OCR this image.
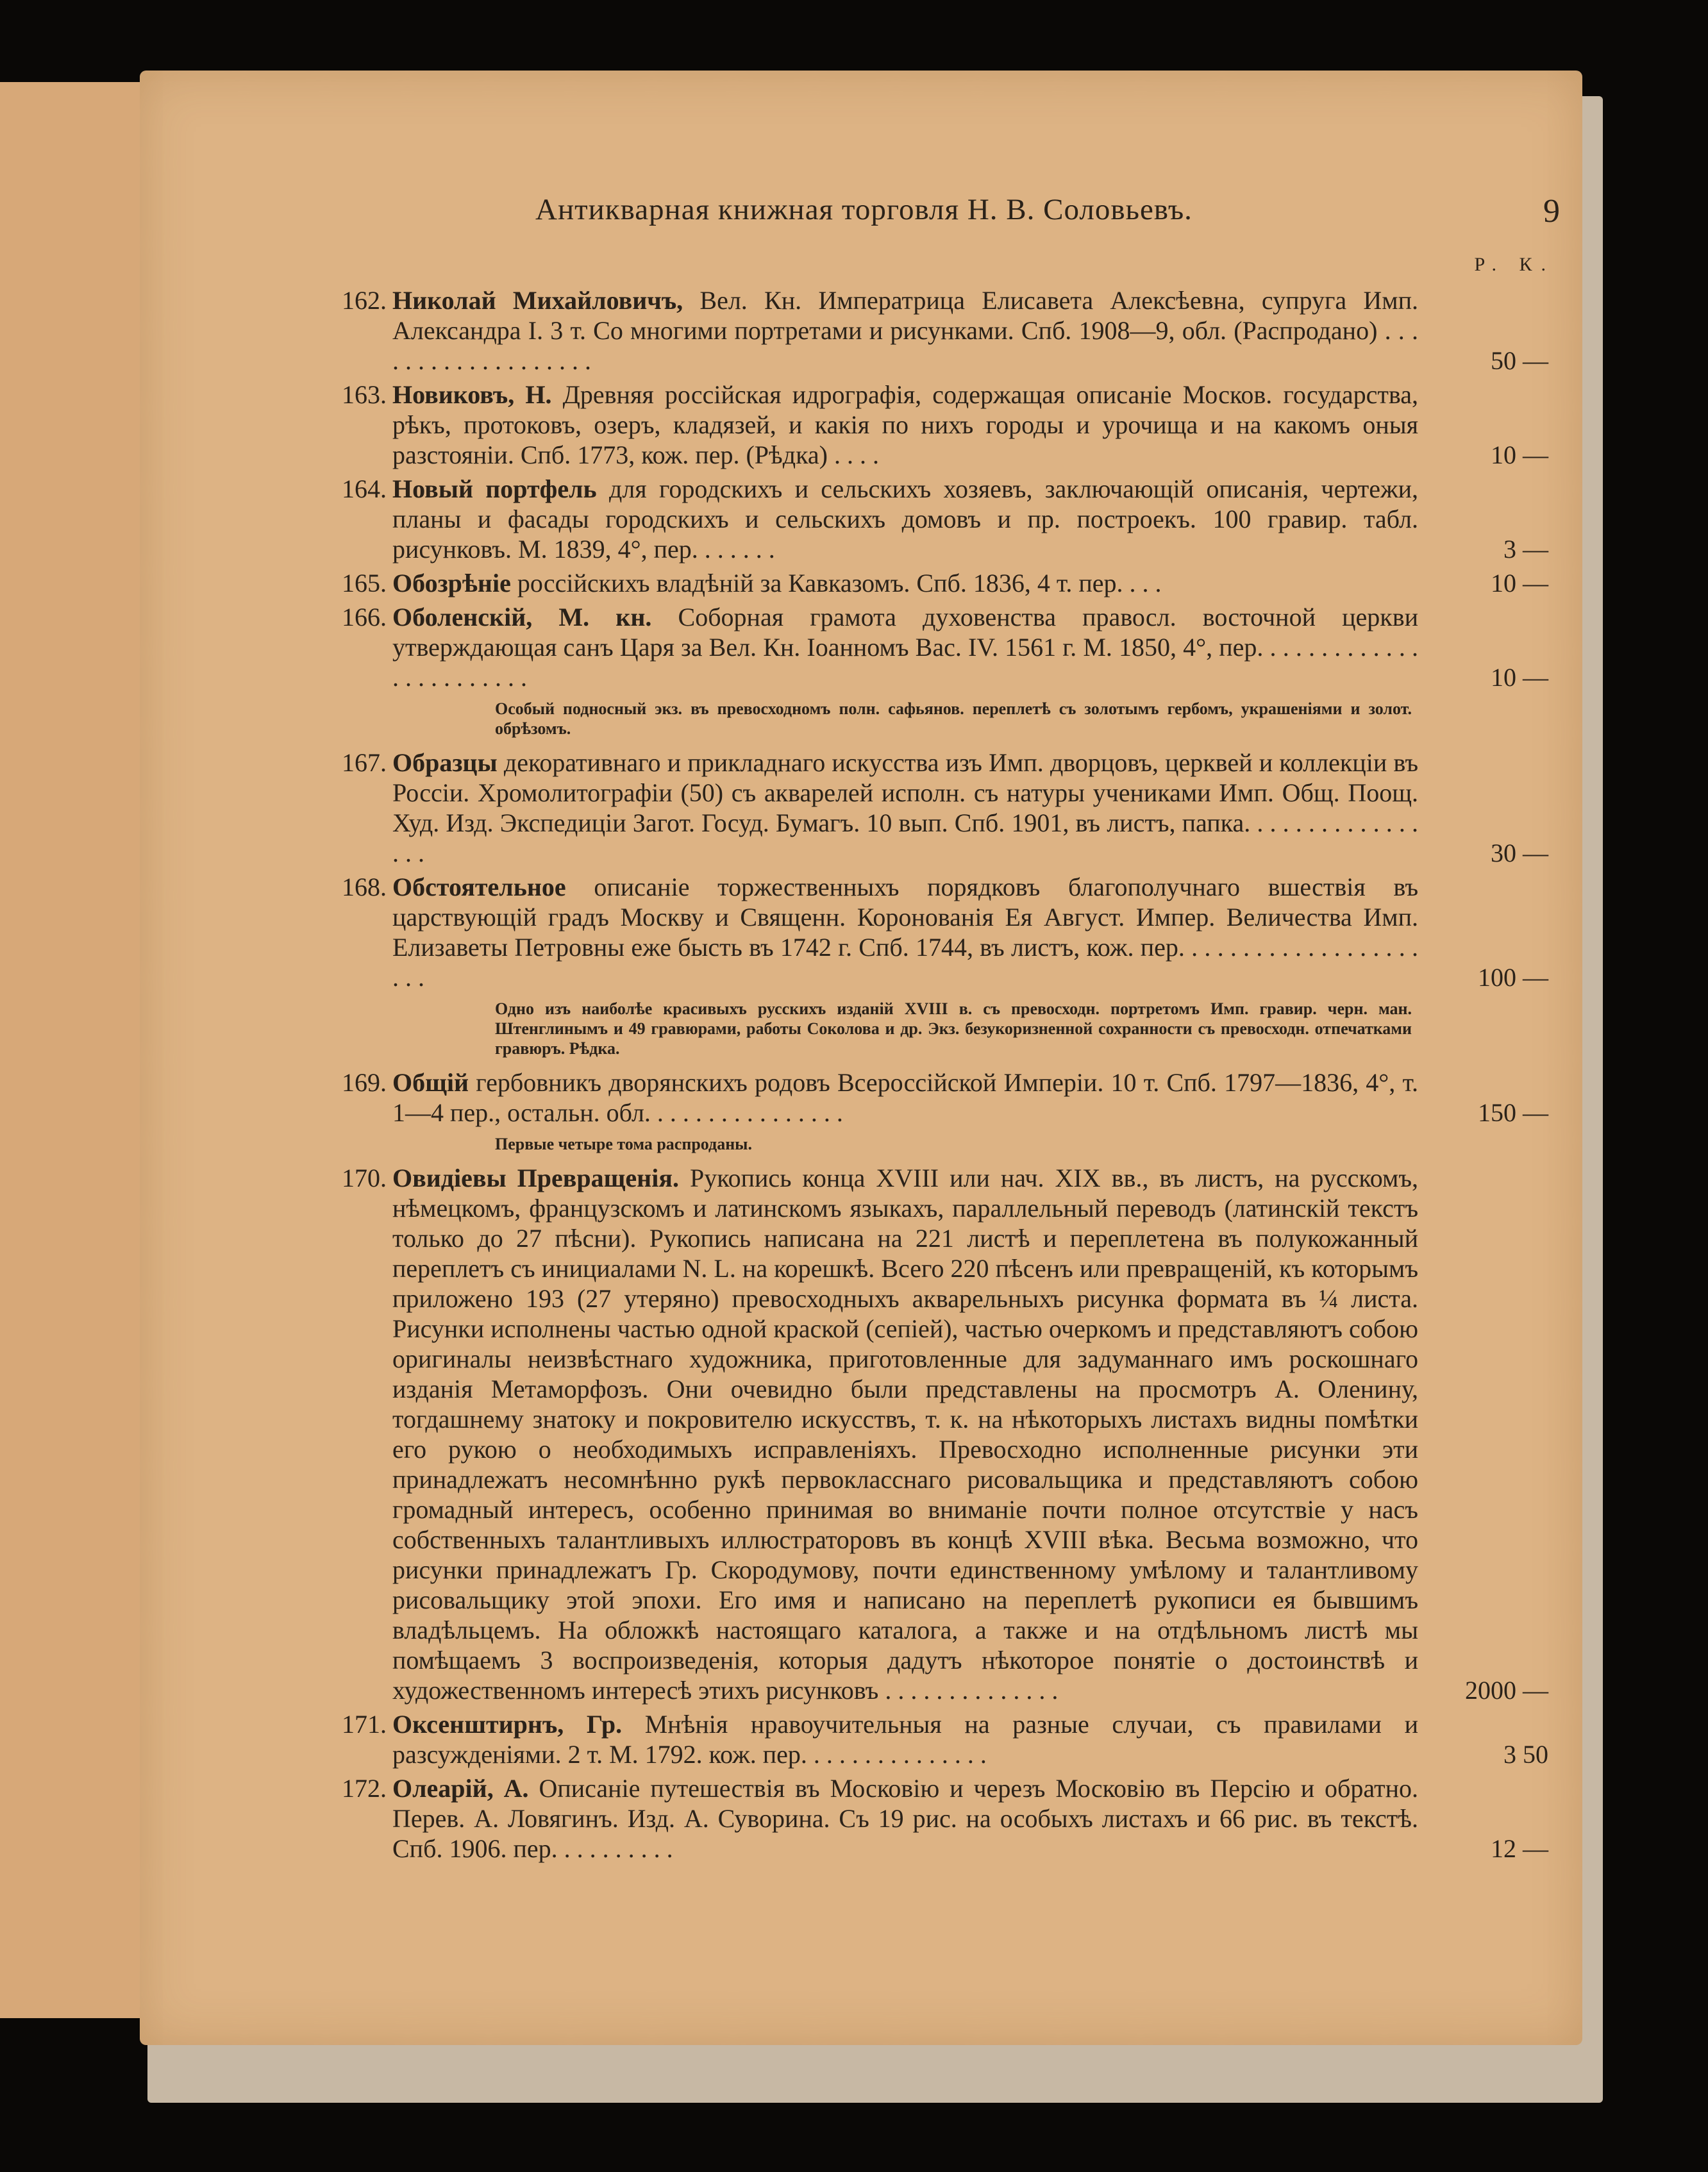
Антикварная книжная торговля Н. В. Соловьевъ.	9
Р. К.
162. Николай Михайловичъ, Вел. Кн. Императрица Елисавета Алексѣевна, супруга Имп. Александра I. 3 т. Со многими портретами и рисунками. Спб. 1908—9, обл. (Распродано) . . . . . . . . . . . . . . . . . . .	50 —
163. Новиковъ, Н. Древняя россійская идрографія, содержащая описаніе Москов. государства, рѣкъ, протоковъ, озеръ, кладязей, и какія по нихъ городы и урочища и на какомъ оныя разстояніи. Спб. 1773, кож. пер. (Рѣдка) . . . .	10 —
164. Новый портфель для городскихъ и сельскихъ хозяевъ, заключающій описанія, чертежи, планы и фасады городскихъ и сельскихъ домовъ и пр. построекъ. 100 гравир. табл. рисунковъ. М. 1839, 4°, пер. . . . . . .	3 —
165. Обозрѣніе россійскихъ владѣній за Кавказомъ. Спб. 1836, 4 т. пер. . . .	10 —
166. Оболенскій, М. кн. Соборная грамота духовенства правосл. восточной церкви утверждающая санъ Царя за Вел. Кн. Іоанномъ Вас. IV. 1561 г. М. 1850, 4°, пер. . . . . . . . . . . . . . . . . . . . . . . .	10 —
Особый подносный экз. въ превосходномъ полн. сафьянов. переплетѣ съ золотымъ гербомъ, украшеніями и золот. обрѣзомъ.
167. Образцы декоративнаго и прикладнаго искусства изъ Имп. дворцовъ, церквей и коллекціи въ Россіи. Хромолитографіи (50) съ акварелей исполн. съ натуры учениками Имп. Общ. Поощ. Худ. Изд. Экспедиціи Загот. Госуд. Бумагъ. 10 вып. Спб. 1901, въ листъ, папка. . . . . . . . . . . . . . . . .	30 —
168. Обстоятельное описаніе торжественныхъ порядковъ благополучнаго вшествія въ царствующій градъ Москву и Священн. Коронованія Ея Август. Импер. Величества Имп. Елизаветы Петровны еже бысть въ 1742 г. Спб. 1744, въ листъ, кож. пер. . . . . . . . . . . . . . . . . . . . . .	100 —
Одно изъ наиболѣе красивыхъ русскихъ изданій XVIII в. съ превосходн. портретомъ Имп. гравир. черн. ман. Штенглинымъ и 49 гравюрами, работы Соколова и др. Экз. безукоризненной сохранности съ превосходн. отпечатками гравюръ. Рѣдка.
169. Общій гербовникъ дворянскихъ родовъ Всероссійской Имперіи. 10 т. Спб. 1797—1836, 4°, т. 1—4 пер., остальн. обл. . . . . . . . . . . . . . . .	150 —
Первые четыре тома распроданы.
170. Овидіевы Превращенія. Рукопись конца XVIII или нач. XIX вв., въ листъ, на русскомъ, нѣмецкомъ, французскомъ и латинскомъ языкахъ, параллельный переводъ (латинскій текстъ только до 27 пѣсни). Рукопись написана на 221 листѣ и переплетена въ полукожанный переплетъ съ инициалами N. L. на корешкѣ. Всего 220 пѣсенъ или превращеній, къ которымъ приложено 193 (27 утеряно) превосходныхъ акварельныхъ рисунка формата въ ¼ листа. Рисунки исполнены частью одной краской (сепіей), частью очеркомъ и представляютъ собою оригиналы неизвѣстнаго художника, приготовленные для задуманнаго имъ роскошнаго изданія Метаморфозъ. Они очевидно были представлены на просмотръ А. Оленину, тогдашнему знатоку и покровителю искусствъ, т. к. на нѣкоторыхъ листахъ видны помѣтки его рукою о необходимыхъ исправленіяхъ. Превосходно исполненные рисунки эти принадлежатъ несомнѣнно рукѣ первокласснаго рисовальщика и представляютъ собою громадный интересъ, особенно принимая во вниманіе почти полное отсутствіе у насъ собственныхъ талантливыхъ иллюстраторовъ въ концѣ XVIII вѣка. Весьма возможно, что рисунки принадлежатъ Гр. Скородумову, почти единственному умѣлому и талантливому рисовальщику этой эпохи. Его имя и написано на переплетѣ рукописи ея бывшимъ владѣльцемъ. На обложкѣ настоящаго каталога, а также и на отдѣльномъ листѣ мы помѣщаемъ 3 воспроизведенія, которыя дадутъ нѣкоторое понятіе о достоинствѣ и художественномъ интересѣ этихъ рисунковъ . . . . . . . . . . . . . .	2000 —
171. Оксенштирнъ, Гр. Мнѣнія нравоучительныя на разные случаи, съ правилами и разсужденіями. 2 т. М. 1792. кож. пер. . . . . . . . . . . . . . .	3 50
172. Олеарій, А. Описаніе путешествія въ Московію и черезъ Московію въ Персію и обратно. Перев. А. Ловягинъ. Изд. А. Суворина. Съ 19 рис. на особыхъ листахъ и 66 рис. въ текстѣ. Спб. 1906. пер. . . . . . . . . .	12 —
